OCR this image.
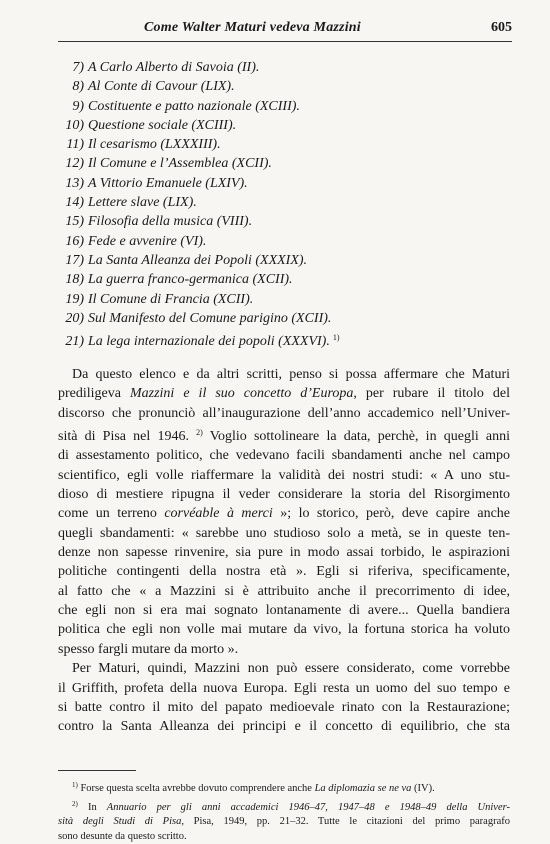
Come Walter Maturi vedeva Mazzini	605
7) A Carlo Alberto di Savoia (II).
8) Al Conte di Cavour (LIX).
9) Costituente e patto nazionale (XCIII).
10) Questione sociale (XCIII).
11) Il cesarismo (LXXXIII).
12) Il Comune e l’Assemblea (XCII).
13) A Vittorio Emanuele (LXIV).
14) Lettere slave (LIX).
15) Filosofia della musica (VIII).
16) Fede e avvenire (VI).
17) La Santa Alleanza dei Popoli (XXXIX).
18) La guerra franco-germanica (XCII).
19) Il Comune di Francia (XCII).
20) Sul Manifesto del Comune parigino (XCII).
21) La lega internazionale dei popoli (XXXVI). $^{1)}$

Da questo elenco e da altri scritti, penso si possa affermare che Maturi
prediligeva Mazzini e il suo concetto d’Europa, per rubare il titolo del
discorso che pronunciò all’inaugurazione dell’anno accademico nell’Univer-
sità di Pisa nel 1946. $^{2)}$ Voglio sottolineare la data, perchè, in quegli anni
di assestamento politico, che vedevano facili sbandamenti anche nel campo
scientifico, egli volle riaffermare la validità dei nostri studi: « A uno stu-
dioso di mestiere ripugna il veder considerare la storia del Risorgimento
come un terreno corvéable à merci »; lo storico, però, deve capire anche
quegli sbandamenti: « sarebbe uno studioso solo a metà, se in queste ten-
denze non sapesse rinvenire, sia pure in modo assai torbido, le aspirazioni
politiche contingenti della nostra età ». Egli si riferiva, specificamente,
al fatto che « a Mazzini si è attribuito anche il precorrimento di idee,
che egli non si era mai sognato lontanamente di avere... Quella bandiera
politica che egli non volle mai mutare da vivo, la fortuna storica ha voluto
spesso fargli mutare da morto ».

Per Maturi, quindi, Mazzini non può essere considerato, come vorrebbe
il Griffith, profeta della nuova Europa. Egli resta un uomo del suo tempo e
si batte contro il mito del papato medioevale rinato con la Restaurazione;
contro la Santa Alleanza dei principi e il concetto di equilibrio, che sta

$^{1)}$ Forse questa scelta avrebbe dovuto comprendere anche La diplomazia se ne va (IV).
$^{2)}$ In Annuario per gli anni accademici 1946–47, 1947–48 e 1948–49 della Univer-
sità degli Studi di Pisa, Pisa, 1949, pp. 21–32. Tutte le citazioni del primo paragrafo
sono desunte da questo scritto.
